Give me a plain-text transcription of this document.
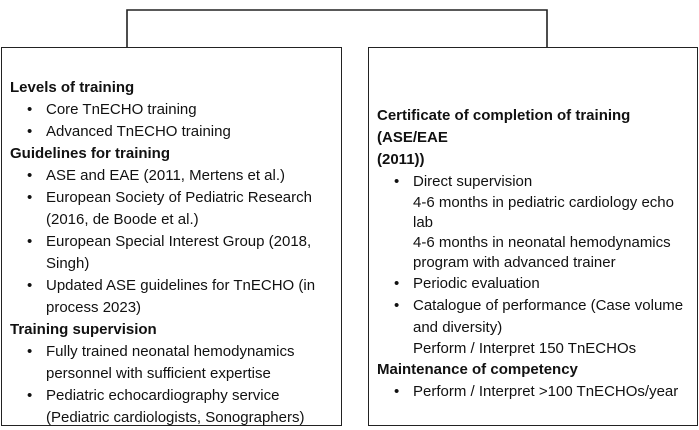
Levels of training
• Core TnECHO training
• Advanced TnECHO training
Guidelines for training
• ASE and EAE (2011, Mertens et al.)
• European Society of Pediatric Research
(2016, de Boode et al.)
• European Special Interest Group (2018,
Singh)
• Updated ASE guidelines for TnECHO (in
process 2023)
Training supervision
• Fully trained neonatal hemodynamics
personnel with sufficient expertise
• Pediatric echocardiography service
(Pediatric cardiologists, Sonographers)
Certificate of completion of training (ASE/EAE
(2011))
• Direct supervision
4-6 months in pediatric cardiology echo
lab
4-6 months in neonatal hemodynamics
program with advanced trainer
• Periodic evaluation
• Catalogue of performance (Case volume
and diversity)
Perform / Interpret 150 TnECHOs
Maintenance of competency
• Perform / Interpret >100 TnECHOs/year
